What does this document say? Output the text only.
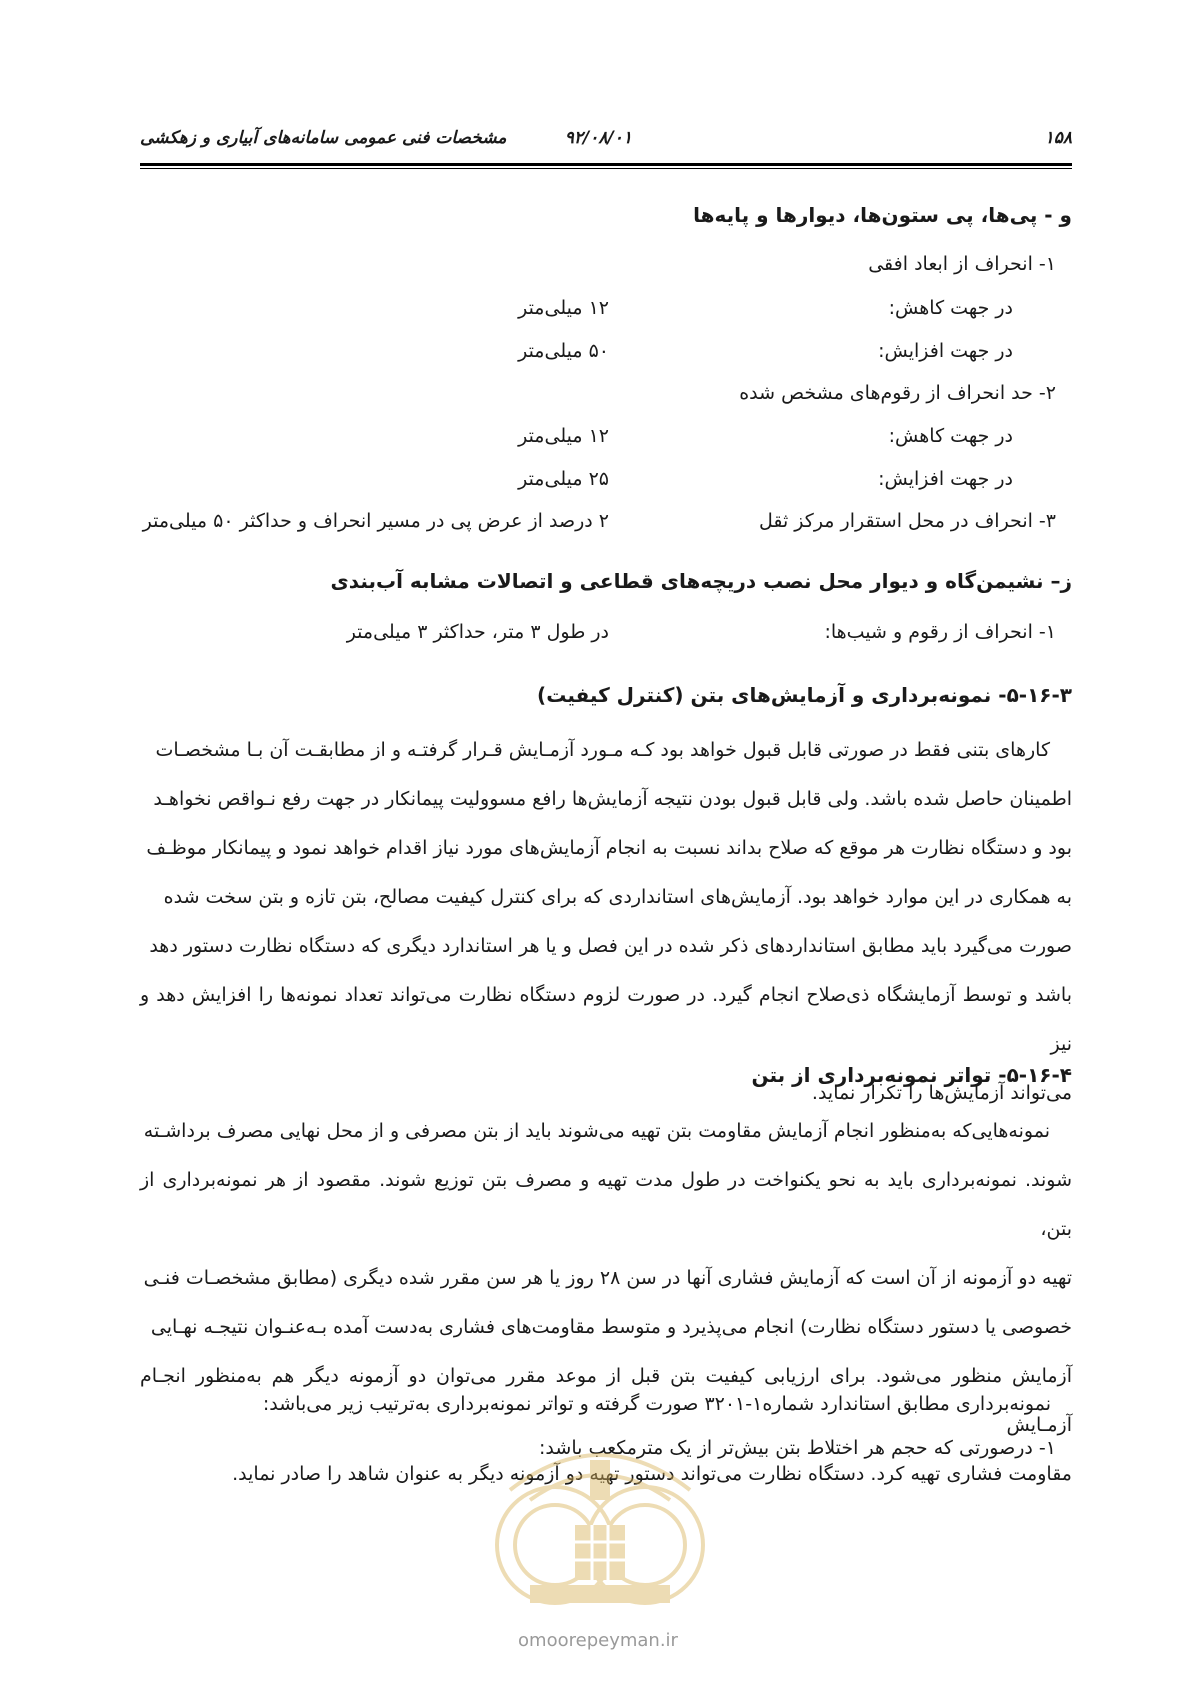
۱۵۸
۹۲/۰۸/۰۱
مشخصات فنی عمومی سامانه‌های آبیاری و زهکشی
و - پی‌ها، پی ستون‌ها، دیوارها و پایه‌ها
۱- انحراف از ابعاد افقی
در جهت کاهش:
۱۲ میلی‌متر
در جهت افزایش:
۵۰ میلی‌متر
۲- حد انحراف از رقوم‌های مشخص شده
در جهت کاهش:
۱۲ میلی‌متر
در جهت افزایش:
۲۵ میلی‌متر
۳- انحراف در محل استقرار مرکز ثقل
۲ درصد از عرض پی در مسیر انحراف و حداکثر ۵۰ میلی‌متر
ز– نشیمن‌گاه و دیوار محل نصب دریچه‌های قطاعی و اتصالات مشابه آب‌بندی
۱- انحراف از رقوم و شیب‌ها:
در طول ۳ متر، حداکثر ۳ میلی‌متر
۵-۱۶-۳- نمونه‌برداری و آزمایش‌های بتن (کنترل کیفیت)
کارهای بتنی فقط در صورتی قابل قبول خواهد بود کـه مـورد آزمـایش قـرار گرفتـه و از مطابقـت آن بـا مشخصـات
اطمینان حاصل شده باشد. ولی قابل قبول بودن نتیجه آزمایش‌ها رافع مسوولیت پیمانکار در جهت رفع نـواقص نخواهـد
بود و دستگاه نظارت هر موقع که صلاح بداند نسبت به انجام آزمایش‌های مورد نیاز اقدام خواهد نمود و پیمانکار موظـف
به همکاری در این موارد خواهد بود. آزمایش‌های استانداردی که برای کنترل کیفیت مصالح، بتن تازه و بتن سخت شده
صورت می‌گیرد باید مطابق استانداردهای ذکر شده در این فصل و یا هر استاندارد دیگری که دستگاه نظارت دستور دهد
باشد و توسط آزمایشگاه ذی‌صلاح انجام گیرد. در صورت لزوم دستگاه نظارت می‌تواند تعداد نمونه‌ها را افزایش دهد و نیز
می‌تواند آزمایش‌ها را تکرار نماید.
۵-۱۶-۴- تواتر نمونه‌برداری از بتن
نمونه‌هایی‌که به‌منظور انجام آزمایش مقاومت بتن تهیه می‌شوند باید از بتن مصرفی و از محل نهایی مصرف برداشـته
شوند. نمونه‌برداری باید به نحو یکنواخت در طول مدت تهیه و مصرف بتن توزیع شوند. مقصود از هر نمونه‌برداری از بتن،
تهیه دو آزمونه از آن است که آزمایش فشاری آنها در سن ۲۸ روز یا هر سن مقرر شده دیگری (مطابق مشخصـات فنـی
خصوصی یا دستور دستگاه نظارت) انجام می‌پذیرد و متوسط مقاومت‌های فشاری به‌دست آمده بـه‌عنـوان نتیجـه نهـایی
آزمایش منظور می‌شود. برای ارزیابی کیفیت بتن قبل از موعد مقرر می‌توان دو آزمونه دیگر هم به‌منظور انجـام آزمـایش
مقاومت فشاری تهیه کرد. دستگاه نظارت می‌تواند دستور تهیه دو آزمونه دیگر به عنوان شاهد را صادر نماید.
نمونه‌برداری مطابق استاندارد شماره۱-۳۲۰۱ صورت گرفته و تواتر نمونه‌برداری به‌ترتیب زیر می‌باشد:
۱- درصورتی که حجم هر اختلاط بتن بیش‌تر از یک مترمکعب باشد:
omoorepeyman.ir
